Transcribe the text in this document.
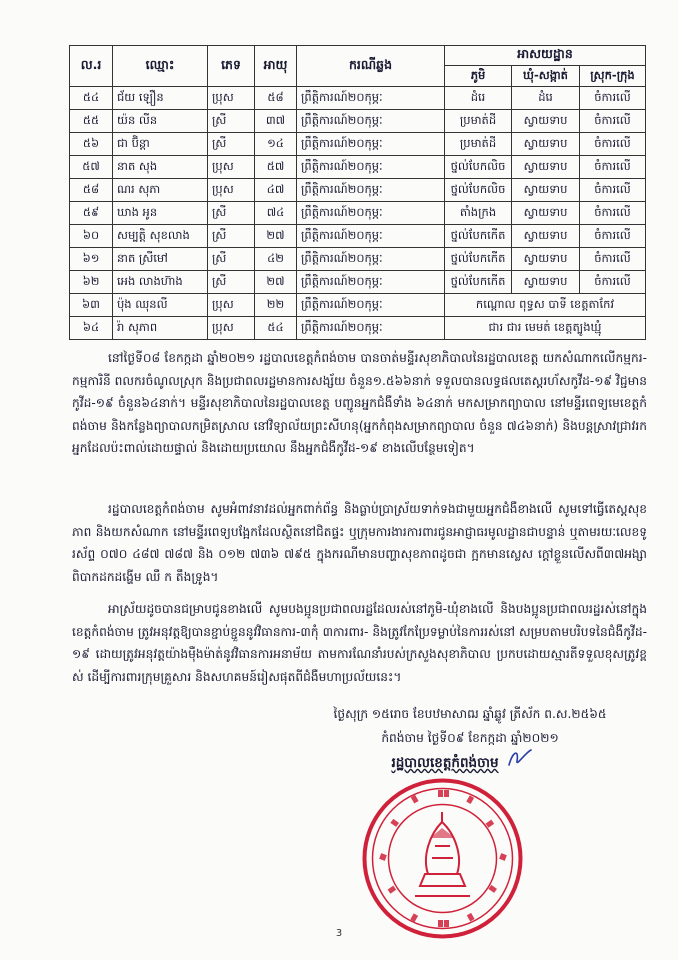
ល.រ	ឈ្មោះ	ភេទ	អាយុ	ករណីឆ្លង	អាសយដ្ឋាន		
					ភូមិ	ឃុំ-សង្កាត់	ស្រុក-ក្រុង
៥៤	ជ័យ ឡឿន	ប្រុស	៥៨	ព្រឹត្តិការណ៍២០កុម្ភៈ	ដំរេ	ដំរេ	ចំការលើ
៥៥	យ៉ន លីន	ស្រី	៣៧	ព្រឹត្តិការណ៍២០កុម្ភៈ	ប្រមាត់ដី	ស្វាយទាប	ចំការលើ
៥៦	ជា ប៊ិន្ដា	ស្រី	១៤	ព្រឹត្តិការណ៍២០កុម្ភៈ	ប្រមាត់ដី	ស្វាយទាប	ចំការលើ
៥៧	នាត សុង	ប្រុស	៥៧	ព្រឹត្តិការណ៍២០កុម្ភៈ	ថ្នល់បែកលិច	ស្វាយទាប	ចំការលើ
៥៨	ណរ សុភា	ប្រុស	៤៧	ព្រឹត្តិការណ៍២០កុម្ភៈ	ថ្នល់បែកលិច	ស្វាយទាប	ចំការលើ
៥៩	ឃាង អូន	ស្រី	៧៤	ព្រឹត្តិការណ៍២០កុម្ភៈ	តាំងក្រង	ស្វាយទាប	ចំការលើ
៦០	សម្បត្តិ សុខលាង	ស្រី	២៧	ព្រឹត្តិការណ៍២០កុម្ភៈ	ថ្នល់បែកកើត	ស្វាយទាប	ចំការលើ
៦១	នាត ស្រីមៅ	ស្រី	៤២	ព្រឹត្តិការណ៍២០កុម្ភៈ	ថ្នល់បែកកើត	ស្វាយទាប	ចំការលើ
៦២	អេង លាងហ៊ាង	ស្រី	២៧	ព្រឹត្តិការណ៍២០កុម្ភៈ	ថ្នល់បែកកើត	ស្វាយទាប	ចំការលើ
៦៣	ប៉ុង ឈុនលី	ប្រុស	២២	ព្រឹត្តិការណ៍២០កុម្ភៈ	កណ្ដោល ពុទ្ធស បាទី ខេត្តតាកែវ		
៦៤	រ៉ា សុភាព	ប្រុស	៥៤	ព្រឹត្តិការណ៍២០កុម្ភៈ	ជារ ជារ មេមត់ ខេត្តត្បូងឃ្មុំ		

នៅថ្ងៃទី០៨ ខែកក្កដា ឆ្នាំ២០២១ រដ្ឋបាលខេត្តកំពង់ចាម បានចាត់មន្ទីរសុខាភិបាលនៃរដ្ឋបាលខេត្ត យកសំណាកលើកម្មករ-កម្មការិនី ពលករចំណូលស្រុក និងប្រជាពលរដ្ឋមានការសង្ស័យ ចំនួន១.៥៦៦នាក់ ទទួលបានលទ្ធផលតេស្តរហ័សកូវីដ-១៩ វិជ្ជមានកូវីដ-១៩ ចំនួន៦៤នាក់។ មន្ទីរសុខាភិបាលនៃរដ្ឋបាលខេត្ត បញ្ជូនអ្នកជំងឺទាំង ៦៤នាក់ មកសម្រាកព្យាបាល នៅមន្ទីរពេទ្យមេខេត្តកំពង់ចាម និងកន្លែងព្យាបាលកម្រិតស្រាល នៅវិទ្យាល័យព្រះសីហនុ(អ្នកកំពុងសម្រាកព្យាបាល ចំនួន ៧៤៦នាក់) និងបន្តស្រាវជ្រាវរកអ្នកដែលប៉ះពាល់ដោយផ្ទាល់ និងដោយប្រយោល នឹងអ្នកជំងឺកូវីដ-១៩ ខាងលើបន្ថែមទៀត។

រដ្ឋបាលខេត្តកំពង់ចាម សូមអំពាវនាវដល់អ្នកពាក់ព័ន្ធ និងធ្លាប់ប្រាស្រ័យទាក់ទងជាមួយអ្នកជំងឺខាងលើ សូមទៅធ្វើតេស្តសុខភាព និងយកសំណាក នៅមន្ទីរពេទ្យបង្អែកដែលស្ថិតនៅជិតផ្ទះ ឬក្រុមការងារការពារជូនអាជ្ញាធរមូលដ្ឋានជាបន្ទាន់ ឬតាមរយៈលេខទូរស័ព្ទ ០៧០ ៤៨៧ ៧៨៧ និង ០១២ ៧៣៦ ៧៩៥ ក្នុងករណីមានបញ្ហាសុខភាពដូចជា ក្អកមានស្លេស ក្ដៅខ្លួនលើសពី៣៧អង្សា ពិបាកដកដង្ហើម ឈឺ ក តឹងទ្រូង។

អាស្រ័យដូចបានជម្រាបជូនខាងលើ សូមបងប្អូនប្រជាពលរដ្ឋដែលរស់នៅភូមិ-ឃុំខាងលើ និងបងប្អូនប្រជាពលរដ្ឋរស់នៅក្នុងខេត្តកំពង់ចាម ត្រូវអនុវត្តឱ្យបានខ្ជាប់ខ្ជួននូវវិធានការ-៣កុំ ៣ការពារ- និងត្រូវកែប្រែទម្លាប់នៃការរស់នៅ សម្របតាមបរិបទនៃជំងឺកូវីដ-១៩ ដោយត្រូវអនុវត្តយ៉ាងម៉ឺងម៉ាត់នូវវិធានការអនាម័យ តាមការណែនាំរបស់ក្រសួងសុខាភិបាល ប្រកបដោយស្មារតីទទួលខុសត្រូវខ្ពស់ ដើម្បីការពារក្រុមគ្រួសារ និងសហគមន៍រៀសផុតពីជំងឺមហាប្រល័យនេះ។

ថ្ងៃសុក្រ ១៥រោច ខែបឋមាសាឍ ឆ្នាំឆ្លូវ ត្រីស័ក ព.ស.២៥៦៥
កំពង់ចាម ថ្ងៃទី០៩ ខែកក្កដា ឆ្នាំ២០២១
រដ្ឋបាលខេត្តកំពង់ចាម
3
